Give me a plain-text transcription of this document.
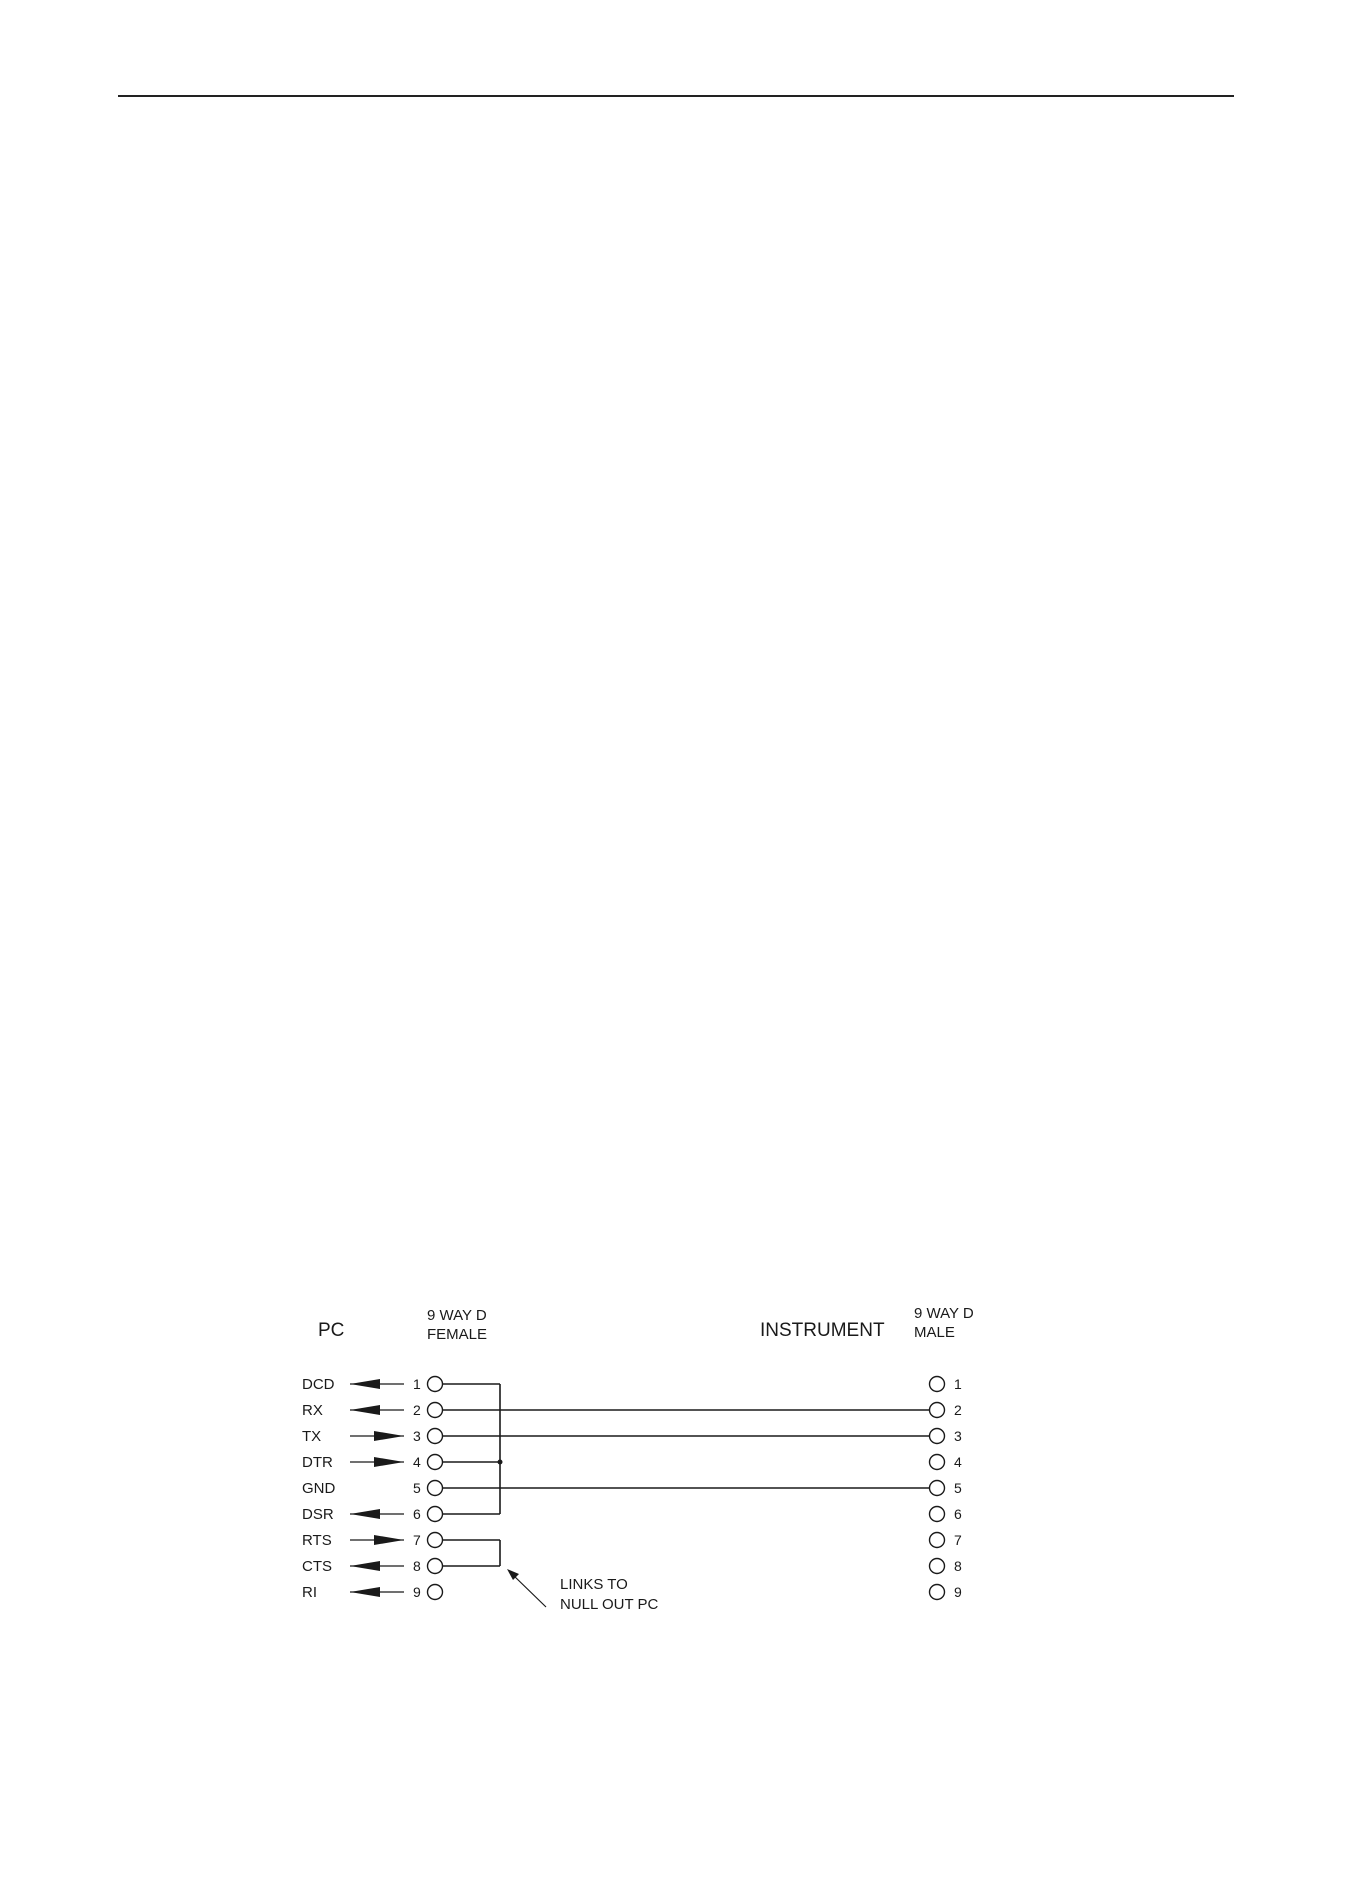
PC
9 WAY D
FEMALE	INSTRUMENT
9 WAY D
MALE
DCD	1
RX	2
TX	3
DTR	4
GND	5
DSR	6
RTS	7
CTS	8
RI	9
1
2
3
4
5
6
7
8
9
LINKS TO
NULL OUT PC
